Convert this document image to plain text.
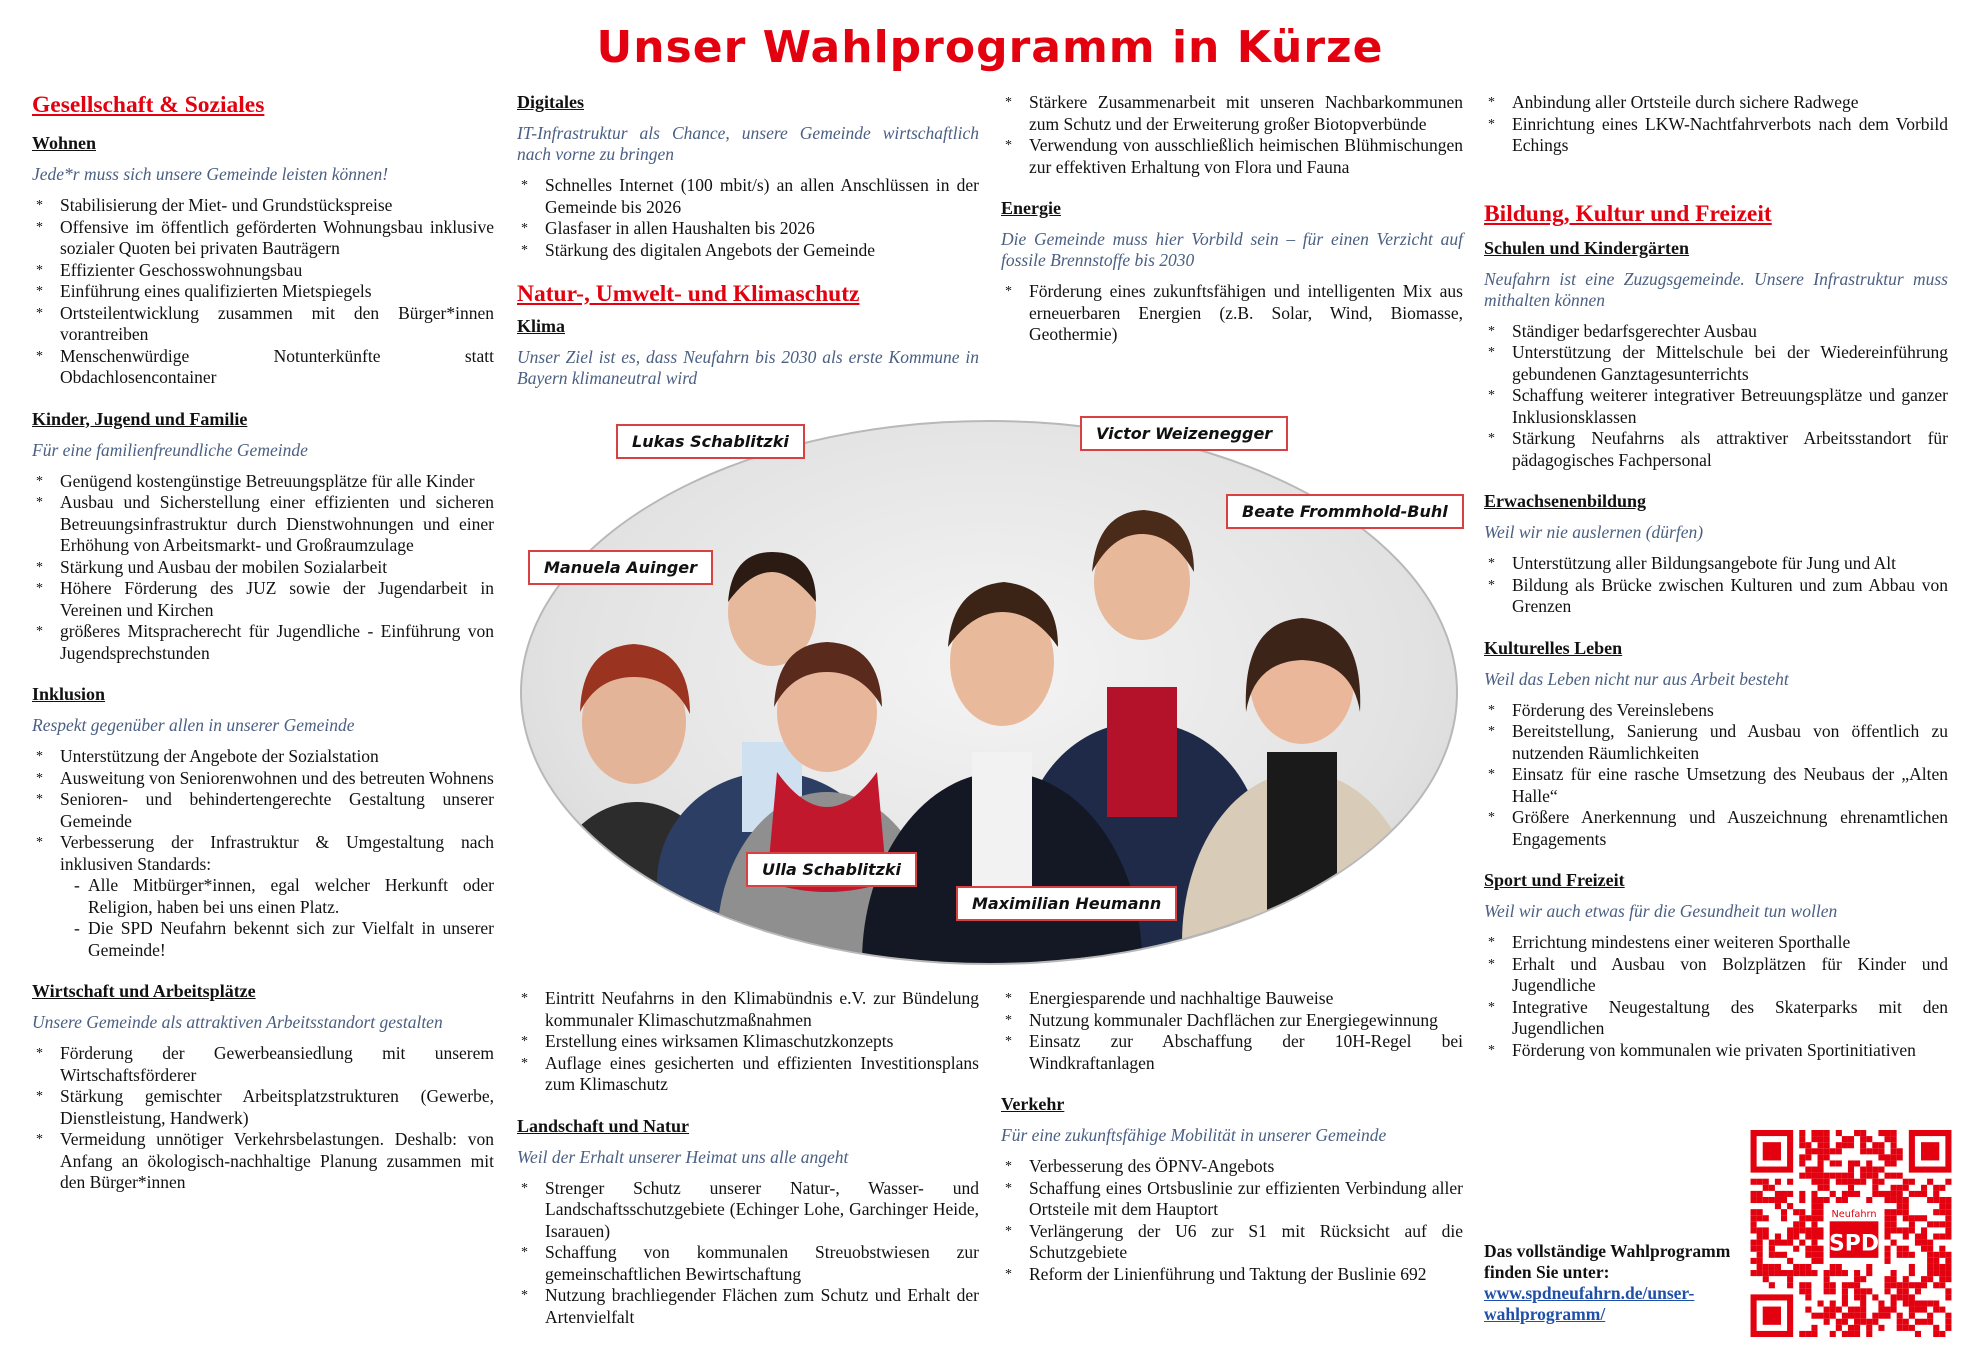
Unser Wahlprogramm in Kürze
Gesellschaft & Soziales
Wohnen
Jede*r muss sich unsere Gemeinde leisten können!
* Stabilisierung der Miet- und Grundstückspreise
* Offensive im öffentlich geförderten Wohnungsbau inklusive sozialer Quoten bei privaten Bauträgern
* Effizienter Geschosswohnungsbau
* Einführung eines qualifizierten Mietspiegels
* Ortsteilentwicklung zusammen mit den Bürger*innen vorantreiben
* Menschenwürdige Notunterkünfte statt Obdachlosencontainer
Kinder, Jugend und Familie
Für eine familienfreundliche Gemeinde
* Genügend kostengünstige Betreuungsplätze für alle Kinder
* Ausbau und Sicherstellung einer effizienten und sicheren Betreuungsinfrastruktur durch Dienstwohnungen und einer Erhöhung von Arbeitsmarkt- und Großraumzulage
* Stärkung und Ausbau der mobilen Sozialarbeit
* Höhere Förderung des JUZ sowie der Jugendarbeit in Vereinen und Kirchen
* größeres Mitspracherecht für Jugendliche - Einführung von Jugendsprechstunden
Inklusion
Respekt gegenüber allen in unserer Gemeinde
* Unterstützung der Angebote der Sozialstation
* Ausweitung von Seniorenwohnen und des betreuten Wohnens
* Senioren- und behindertengerechte Gestaltung unserer Gemeinde
* Verbesserung der Infrastruktur & Umgestaltung nach inklusiven Standards:
- Alle Mitbürger*innen, egal welcher Herkunft oder Religion, haben bei uns einen Platz.
- Die SPD Neufahrn bekennt sich zur Vielfalt in unserer Gemeinde!
Wirtschaft und Arbeitsplätze
Unsere Gemeinde als attraktiven Arbeitsstandort gestalten
* Förderung der Gewerbeansiedlung mit unserem Wirtschaftsförderer
* Stärkung gemischter Arbeitsplatzstrukturen (Gewerbe, Dienstleistung, Handwerk)
* Vermeidung unnötiger Verkehrsbelastungen. Deshalb: von Anfang an ökologisch-nachhaltige Planung zusammen mit den Bürger*innen
Digitales
IT-Infrastruktur als Chance, unsere Gemeinde wirtschaftlich nach vorne zu bringen
* Schnelles Internet (100 mbit/s) an allen Anschlüssen in der Gemeinde bis 2026
* Glasfaser in allen Haushalten bis 2026
* Stärkung des digitalen Angebots der Gemeinde
Natur-, Umwelt- und Klimaschutz
Klima
Unser Ziel ist es, dass Neufahrn bis 2030 als erste Kommune in Bayern klimaneutral wird
* Eintritt Neufahrns in den Klimabündnis e.V. zur Bündelung kommunaler Klimaschutzmaßnahmen
* Erstellung eines wirksamen Klimaschutzkonzepts
* Auflage eines gesicherten und effizienten Investitionsplans zum Klimaschutz
Landschaft und Natur
Weil der Erhalt unserer Heimat uns alle angeht
* Strenger Schutz unserer Natur-, Wasser- und Landschaftsschutzgebiete (Echinger Lohe, Garchinger Heide, Isarauen)
* Schaffung von kommunalen Streuobstwiesen zur gemeinschaftlichen Bewirtschaftung
* Nutzung brachliegender Flächen zum Schutz und Erhalt der Artenvielfalt
* Stärkere Zusammenarbeit mit unseren Nachbarkommunen zum Schutz und der Erweiterung großer Biotopverbünde
* Verwendung von ausschließlich heimischen Blühmischungen zur effektiven Erhaltung von Flora und Fauna
Energie
Die Gemeinde muss hier Vorbild sein – für einen Verzicht auf fossile Brennstoffe bis 2030
* Förderung eines zukunftsfähigen und intelligenten Mix aus erneuerbaren Energien (z.B. Solar, Wind, Biomasse, Geothermie)
* Energiesparende und nachhaltige Bauweise
* Nutzung kommunaler Dachflächen zur Energiegewinnung
* Einsatz zur Abschaffung der 10H-Regel bei Windkraftanlagen
Verkehr
Für eine zukunftsfähige Mobilität in unserer Gemeinde
* Verbesserung des ÖPNV-Angebots
* Schaffung eines Ortsbuslinie zur effizienten Verbindung aller Ortsteile mit dem Hauptort
* Verlängerung der U6 zur S1 mit Rücksicht auf die Schutzgebiete
* Reform der Linienführung und Taktung der Buslinie 692
* Anbindung aller Ortsteile durch sichere Radwege
* Einrichtung eines LKW-Nachtfahrverbots nach dem Vorbild Echings
Bildung, Kultur und Freizeit
Schulen und Kindergärten
Neufahrn ist eine Zuzugsgemeinde. Unsere Infrastruktur muss mithalten können
* Ständiger bedarfsgerechter Ausbau
* Unterstützung der Mittelschule bei der Wiedereinführung gebundenen Ganztagesunterrichts
* Schaffung weiterer integrativer Betreuungsplätze und ganzer Inklusionsklassen
* Stärkung Neufahrns als attraktiver Arbeitsstandort für pädagogisches Fachpersonal
Erwachsenenbildung
Weil wir nie auslernen (dürfen)
* Unterstützung aller Bildungsangebote für Jung und Alt
* Bildung als Brücke zwischen Kulturen und zum Abbau von Grenzen
Kulturelles Leben
Weil das Leben nicht nur aus Arbeit besteht
* Förderung des Vereinslebens
* Bereitstellung, Sanierung und Ausbau von öffentlich zu nutzenden Räumlichkeiten
* Einsatz für eine rasche Umsetzung des Neubaus der „Alten Halle“
* Größere Anerkennung und Auszeichnung ehrenamtlichen Engagements
Sport und Freizeit
Weil wir auch etwas für die Gesundheit tun wollen
* Errichtung mindestens einer weiteren Sporthalle
* Erhalt und Ausbau von Bolzplätzen für Kinder und Jugendliche
* Integrative Neugestaltung des Skaterparks mit den Jugendlichen
* Förderung von kommunalen wie privaten Sportinitiativen
Lukas Schablitzki	Victor Weizenegger
Beate Frommhold-Buhl
Manuela Auinger
Ulla Schablitzki
Maximilian Heumann
Das vollständige Wahlprogramm finden Sie unter:
www.spdneufahrn.de/unser-wahlprogramm/
SPD
Neufahrn
